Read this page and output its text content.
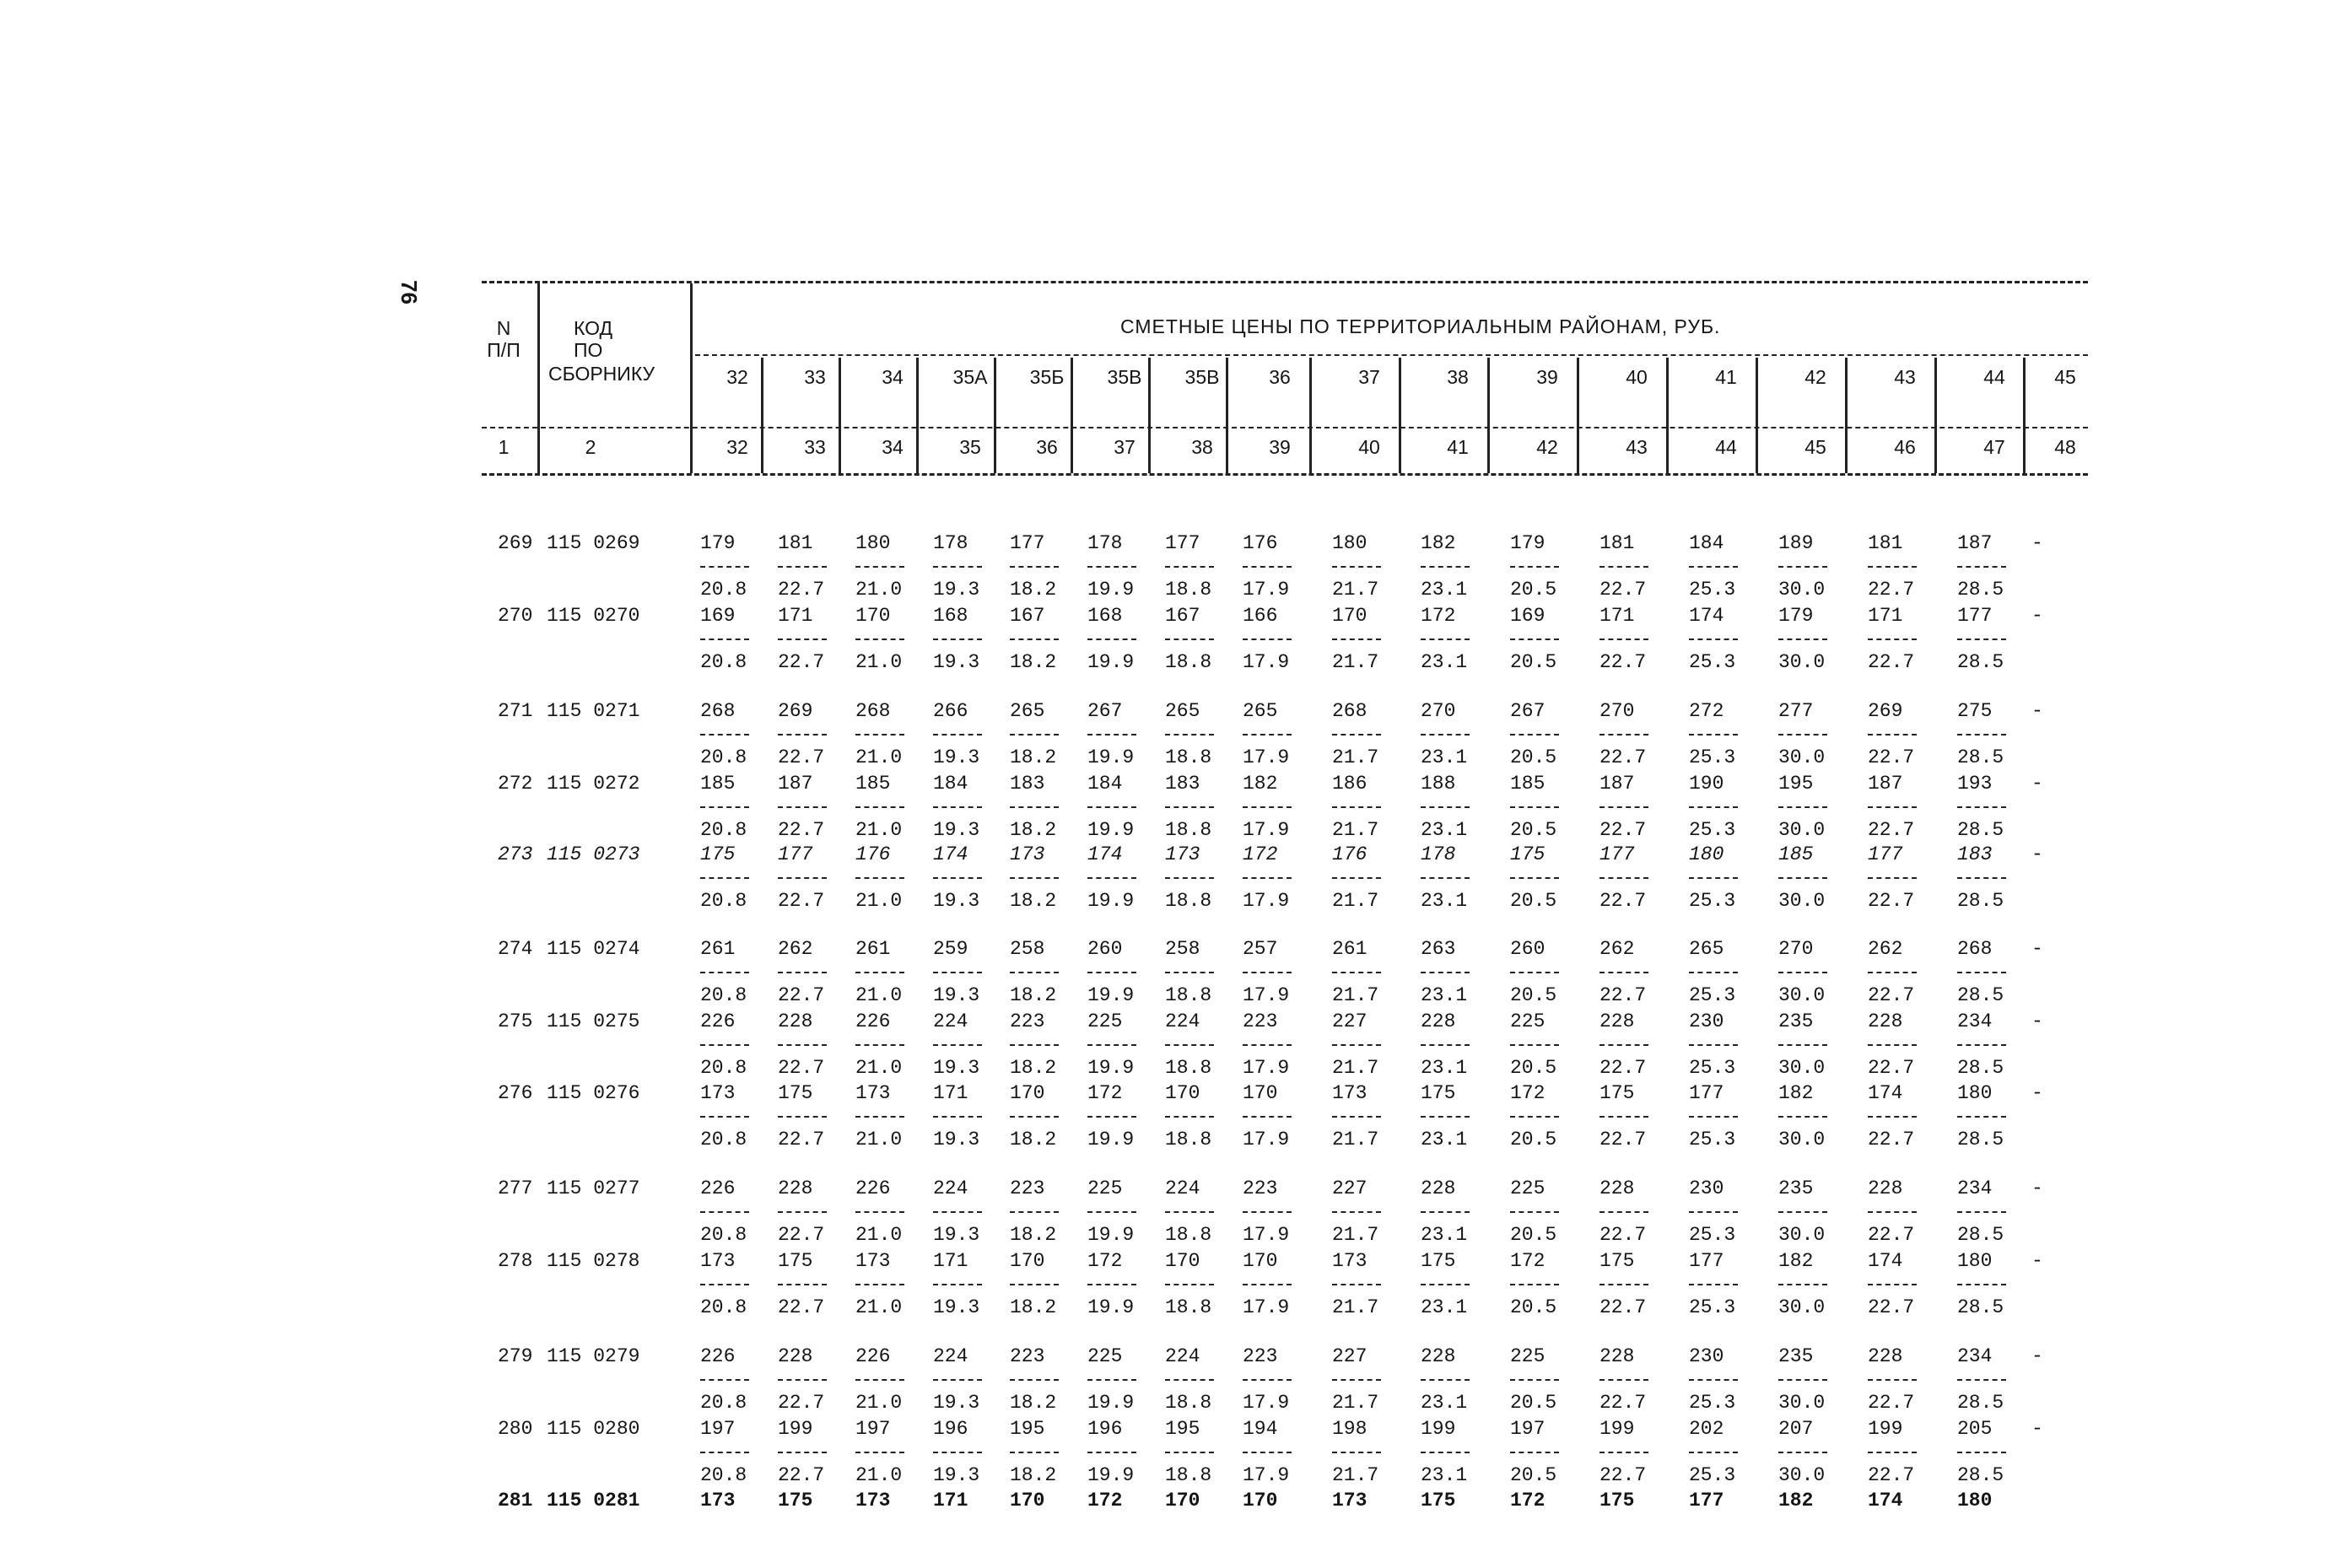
76
СМЕТНЫЕ ЦЕНЫ ПО ТЕРРИТОРИАЛЬНЫМ РАЙОНАМ, РУБ.
N
П/П
КОД
ПО
СБОРНИКУ	32	33	34	35А 35Б 35В 35В	36	37	38	39	40	41	42	43	44	45
1	2	32	33	34	35	36	37	38	39	40	41	42	43	44	45	46	47	48
269 115 0269	179 181 180 178 177 178 177 176	180	182	179	181	184	189	181	187 -
20.8 22.7 21.0 19.3 18.2 19.9 18.8 17.9 21.7 23.1 20.5 22.7 25.3 30.0 22.7 28.5
270 115 0270	169 171 170 168 167 168 167 166	170	172	169	171	174	179	171	177 -
20.8 22.7 21.0 19.3 18.2 19.9 18.8 17.9 21.7 23.1 20.5 22.7 25.3 30.0 22.7 28.5
271 115 0271	268 269 268 266 265 267 265 265	268	270	267	270	272	277	269	275 -
20.8 22.7 21.0 19.3 18.2 19.9 18.8 17.9 21.7 23.1 20.5 22.7 25.3 30.0 22.7 28.5
272 115 0272	185 187 185 184 183 184 183 182	186	188	185	187	190	195	187	193 -
20.8 22.7 21.0 19.3 18.2 19.9 18.8 17.9 21.7 23.1 20.5 22.7 25.3 30.0 22.7 28.5
273 115 0273	175 177 176 174 173 174 173 172	176	178	175	177	180	185	177	183 -
20.8 22.7 21.0 19.3 18.2 19.9 18.8 17.9 21.7 23.1 20.5 22.7 25.3 30.0 22.7 28.5
274 115 0274	261 262 261 259 258 260 258 257	261	263	260	262	265	270	262	268 -
20.8 22.7 21.0 19.3 18.2 19.9 18.8 17.9 21.7 23.1 20.5 22.7 25.3 30.0 22.7 28.5
275 115 0275	226 228 226 224 223 225 224 223	227	228	225	228	230	235	228	234 -
20.8 22.7 21.0 19.3 18.2 19.9 18.8 17.9 21.7 23.1 20.5 22.7 25.3 30.0 22.7 28.5
276 115 0276	173 175 173 171 170 172 170 170	173	175	172	175	177	182	174	180 -
20.8 22.7 21.0 19.3 18.2 19.9 18.8 17.9 21.7 23.1 20.5 22.7 25.3 30.0 22.7 28.5
277 115 0277	226 228 226 224 223 225 224 223	227	228	225	228	230	235	228	234 -
20.8 22.7 21.0 19.3 18.2 19.9 18.8 17.9 21.7 23.1 20.5 22.7 25.3 30.0 22.7 28.5
278 115 0278	173 175 173 171 170 172 170 170	173	175	172	175	177	182	174	180 -
20.8 22.7 21.0 19.3 18.2 19.9 18.8 17.9 21.7 23.1 20.5 22.7 25.3 30.0 22.7 28.5
279 115 0279	226 228 226 224 223 225 224 223	227	228	225	228	230	235	228	234 -
20.8 22.7 21.0 19.3 18.2 19.9 18.8 17.9 21.7 23.1 20.5 22.7 25.3 30.0 22.7 28.5
280 115 0280	197 199 197 196 195 196 195 194	198	199	197	199	202	207	199	205 -
20.8 22.7 21.0 19.3 18.2 19.9 18.8 17.9 21.7 23.1 20.5 22.7 25.3 30.0 22.7 28.5
281 115 0281	173 175 173 171 170 172 170 170	173	175	172	175	177	182	174	180
